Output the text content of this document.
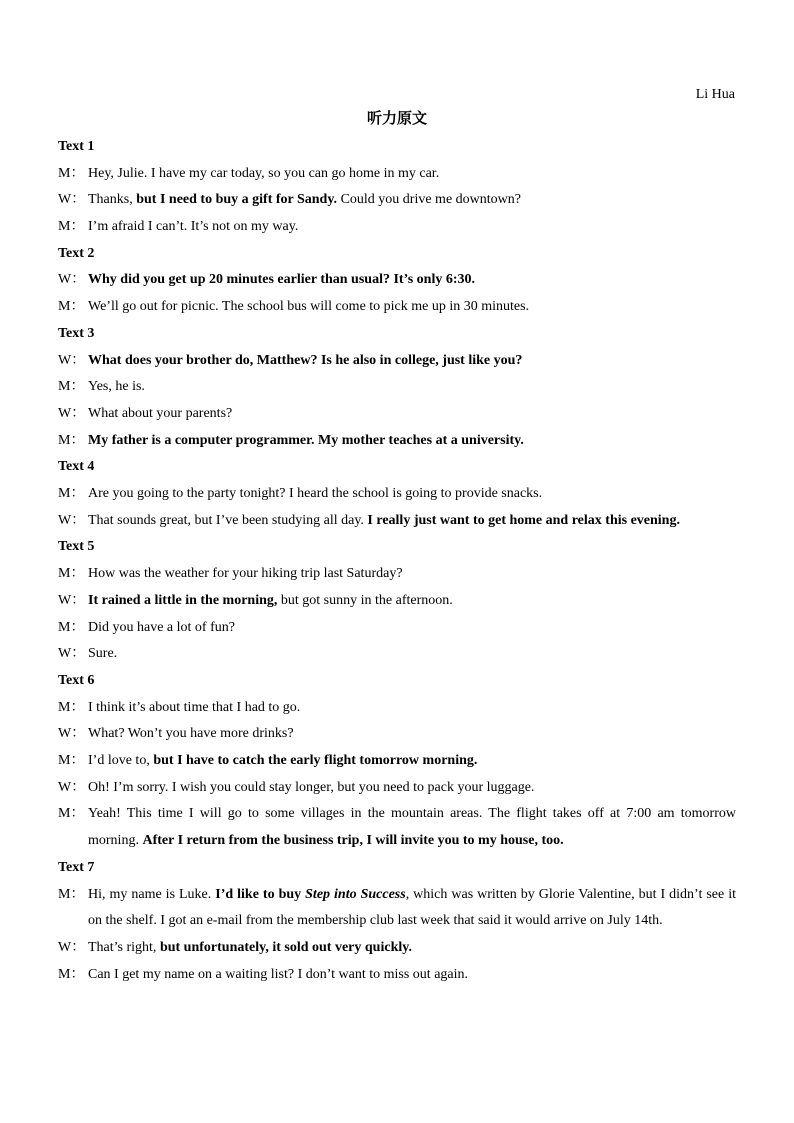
Li Hua
听力原文
Text 1
M： Hey, Julie. I have my car today, so you can go home in my car.
W： Thanks, but I need to buy a gift for Sandy. Could you drive me downtown?
M： I’m afraid I can’t. It’s not on my way.
Text 2
W： Why did you get up 20 minutes earlier than usual? It’s only 6:30.
M： We’ll go out for picnic. The school bus will come to pick me up in 30 minutes.
Text 3
W： What does your brother do, Matthew? Is he also in college, just like you?
M： Yes, he is.
W： What about your parents?
M： My father is a computer programmer. My mother teaches at a university.
Text 4
M： Are you going to the party tonight? I heard the school is going to provide snacks.
W： That sounds great, but I’ve been studying all day. I really just want to get home and relax this evening.
Text 5
M： How was the weather for your hiking trip last Saturday?
W： It rained a little in the morning, but got sunny in the afternoon.
M： Did you have a lot of fun?
W： Sure.
Text 6
M： I think it’s about time that I had to go.
W： What? Won’t you have more drinks?
M： I’d love to, but I have to catch the early flight tomorrow morning.
W： Oh! I’m sorry. I wish you could stay longer, but you need to pack your luggage.
M： Yeah! This time I will go to some villages in the mountain areas. The flight takes off at 7:00 am tomorrow morning. After I return from the business trip, I will invite you to my house, too.
Text 7
M： Hi, my name is Luke. I’d like to buy Step into Success, which was written by Glorie Valentine, but I didn’t see it on the shelf. I got an e-mail from the membership club last week that said it would arrive on July 14th.
W： That’s right, but unfortunately, it sold out very quickly.
M： Can I get my name on a waiting list? I don’t want to miss out again.
